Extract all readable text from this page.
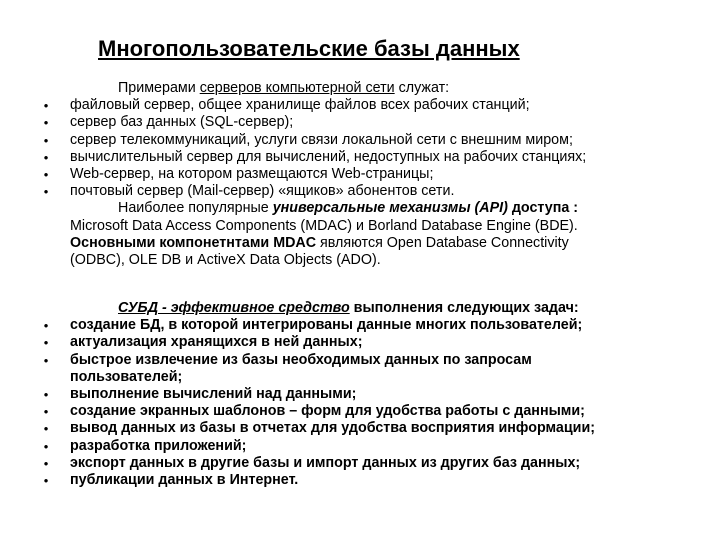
Многопользовательские базы данных
Примерами серверов компьютерной сети служат:
• файловый сервер, общее хранилище файлов всех рабочих станций;
• сервер баз данных (SQL-сервер);
• сервер телекоммуникаций, услуги связи локальной сети с внешним миром;
• вычислительный сервер для вычислений, недоступных на рабочих станциях;
• Web-сервер, на котором размещаются Web-страницы;
• почтовый сервер (Mail-сервер) «ящиков» абонентов сети.
Наиболее популярные универсальные механизмы (API) доступа :
Microsoft Data Access Components (MDAC) и Borland Database Engine (BDE).
Основными компонетнтами MDAC являются Open Database Connectivity
(ODBC), OLE DB и ActiveX Data Objects (ADO).
СУБД - эффективное средство выполнения следующих задач:
• создание БД, в которой интегрированы данные многих пользователей;
• актуализация хранящихся в ней данных;
• быстрое извлечение из базы необходимых данных по запросам
пользователей;
• выполнение вычислений над данными;
• создание экранных шаблонов – форм для удобства работы с данными;
• вывод данных из базы в отчетах для удобства восприятия информации;
• разработка приложений;
• экспорт данных в другие базы и импорт данных из других баз данных;
• публикации данных в Интернет.
